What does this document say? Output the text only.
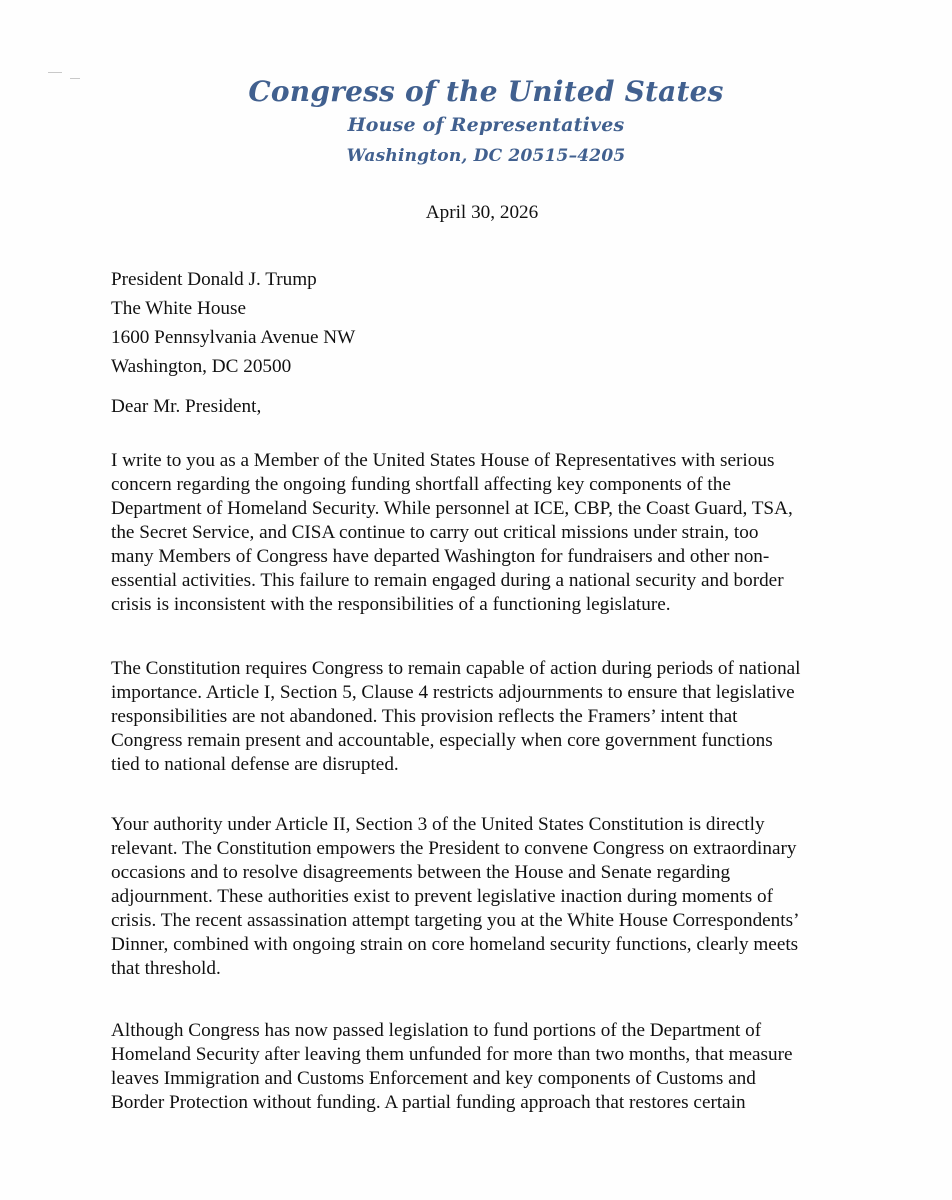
Congress of the United States
House of Representatives
Washington, DC 20515–4205
April 30, 2026
President Donald J. Trump
The White House
1600 Pennsylvania Avenue NW
Washington, DC 20500
Dear Mr. President,
I write to you as a Member of the United States House of Representatives with serious
concern regarding the ongoing funding shortfall affecting key components of the
Department of Homeland Security. While personnel at ICE, CBP, the Coast Guard, TSA,
the Secret Service, and CISA continue to carry out critical missions under strain, too
many Members of Congress have departed Washington for fundraisers and other non-
essential activities. This failure to remain engaged during a national security and border
crisis is inconsistent with the responsibilities of a functioning legislature.
The Constitution requires Congress to remain capable of action during periods of national
importance. Article I, Section 5, Clause 4 restricts adjournments to ensure that legislative
responsibilities are not abandoned. This provision reflects the Framers’ intent that
Congress remain present and accountable, especially when core government functions
tied to national defense are disrupted.
Your authority under Article II, Section 3 of the United States Constitution is directly
relevant. The Constitution empowers the President to convene Congress on extraordinary
occasions and to resolve disagreements between the House and Senate regarding
adjournment. These authorities exist to prevent legislative inaction during moments of
crisis. The recent assassination attempt targeting you at the White House Correspondents’
Dinner, combined with ongoing strain on core homeland security functions, clearly meets
that threshold.
Although Congress has now passed legislation to fund portions of the Department of
Homeland Security after leaving them unfunded for more than two months, that measure
leaves Immigration and Customs Enforcement and key components of Customs and
Border Protection without funding. A partial funding approach that restores certain
